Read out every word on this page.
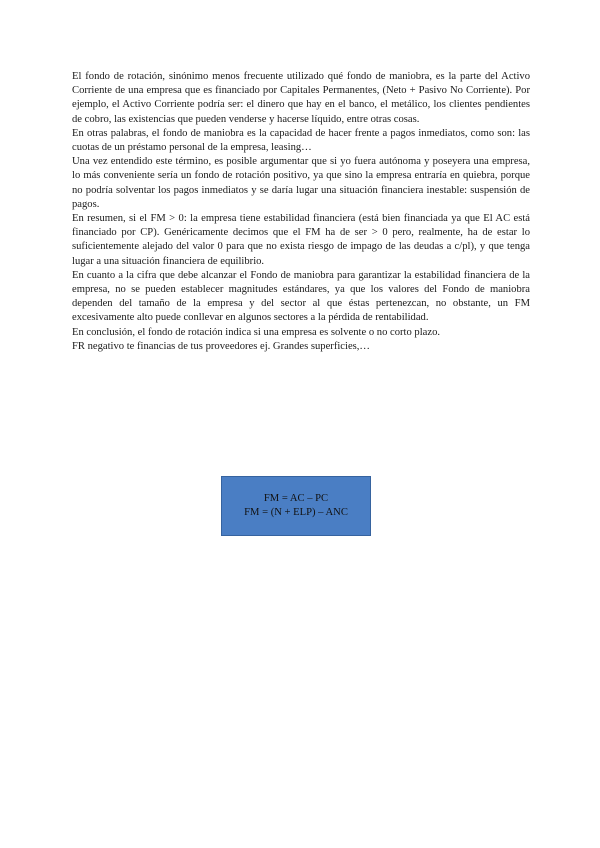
El fondo de rotación, sinónimo menos frecuente utilizado qué fondo de maniobra, es la parte del Activo Corriente de una empresa que es financiado por Capitales Permanentes, (Neto + Pasivo No Corriente). Por ejemplo, el Activo Corriente podría ser: el dinero que hay en el banco, el metálico, los clientes pendientes de cobro, las existencias que pueden venderse y hacerse líquido, entre otras cosas.

En otras palabras, el fondo de maniobra es la capacidad de hacer frente a pagos inmediatos, como son: las cuotas de un préstamo personal de la empresa, leasing…

Una vez entendido este término, es posible argumentar que si yo fuera autónoma y poseyera una empresa, lo más conveniente sería un fondo de rotación positivo, ya que sino la empresa entraría en quiebra, porque no podría solventar los pagos inmediatos y se daría lugar una situación financiera inestable: suspensión de pagos.

En resumen, si el FM > 0: la empresa tiene estabilidad financiera (está bien financiada ya que El AC está financiado por CP). Genéricamente decimos que el FM ha de ser > 0 pero, realmente, ha de estar lo suficientemente alejado del valor 0 para que no exista riesgo de impago de las deudas a c/pl), y que tenga lugar a una situación financiera de equilibrio.

En cuanto a la cifra que debe alcanzar el Fondo de maniobra para garantizar la estabilidad financiera de la empresa, no se pueden establecer magnitudes estándares, ya que los valores del Fondo de maniobra dependen del tamaño de la empresa y del sector al que éstas pertenezcan, no obstante, un FM excesivamente alto puede conllevar en algunos sectores a la pérdida de rentabilidad.

En conclusión, el fondo de rotación indica si una empresa es solvente o no corto plazo.

FR negativo te financias de tus proveedores ej. Grandes superficies,…

FM = AC – PC
FM = (N + ELP) – ANC
